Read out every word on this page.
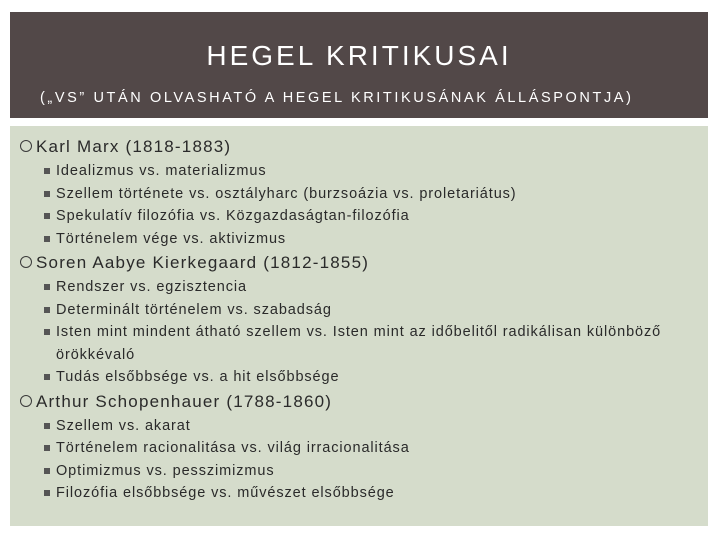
HEGEL KRITIKUSAI
(„VS” UTÁN OLVASHATÓ A HEGEL KRITIKUSÁNAK ÁLLÁSPONTJA)
Karl Marx (1818-1883)
Idealizmus vs. materializmus
Szellem története vs. osztályharc (burzsoázia vs. proletariátus)
Spekulatív filozófia vs. Közgazdaságtan-filozófia
Történelem vége vs. aktivizmus
Soren Aabye Kierkegaard (1812-1855)
Rendszer vs. egzisztencia
Determinált történelem vs. szabadság
Isten mint mindent átható szellem vs. Isten mint az időbelitől radikálisan különböző örökkévaló
Tudás elsőbbsége vs. a hit elsőbbsége
Arthur Schopenhauer (1788-1860)
Szellem vs. akarat
Történelem racionalitása vs. világ irracionalitása
Optimizmus vs. pesszimizmus
Filozófia elsőbbsége vs. művészet elsőbbsége
